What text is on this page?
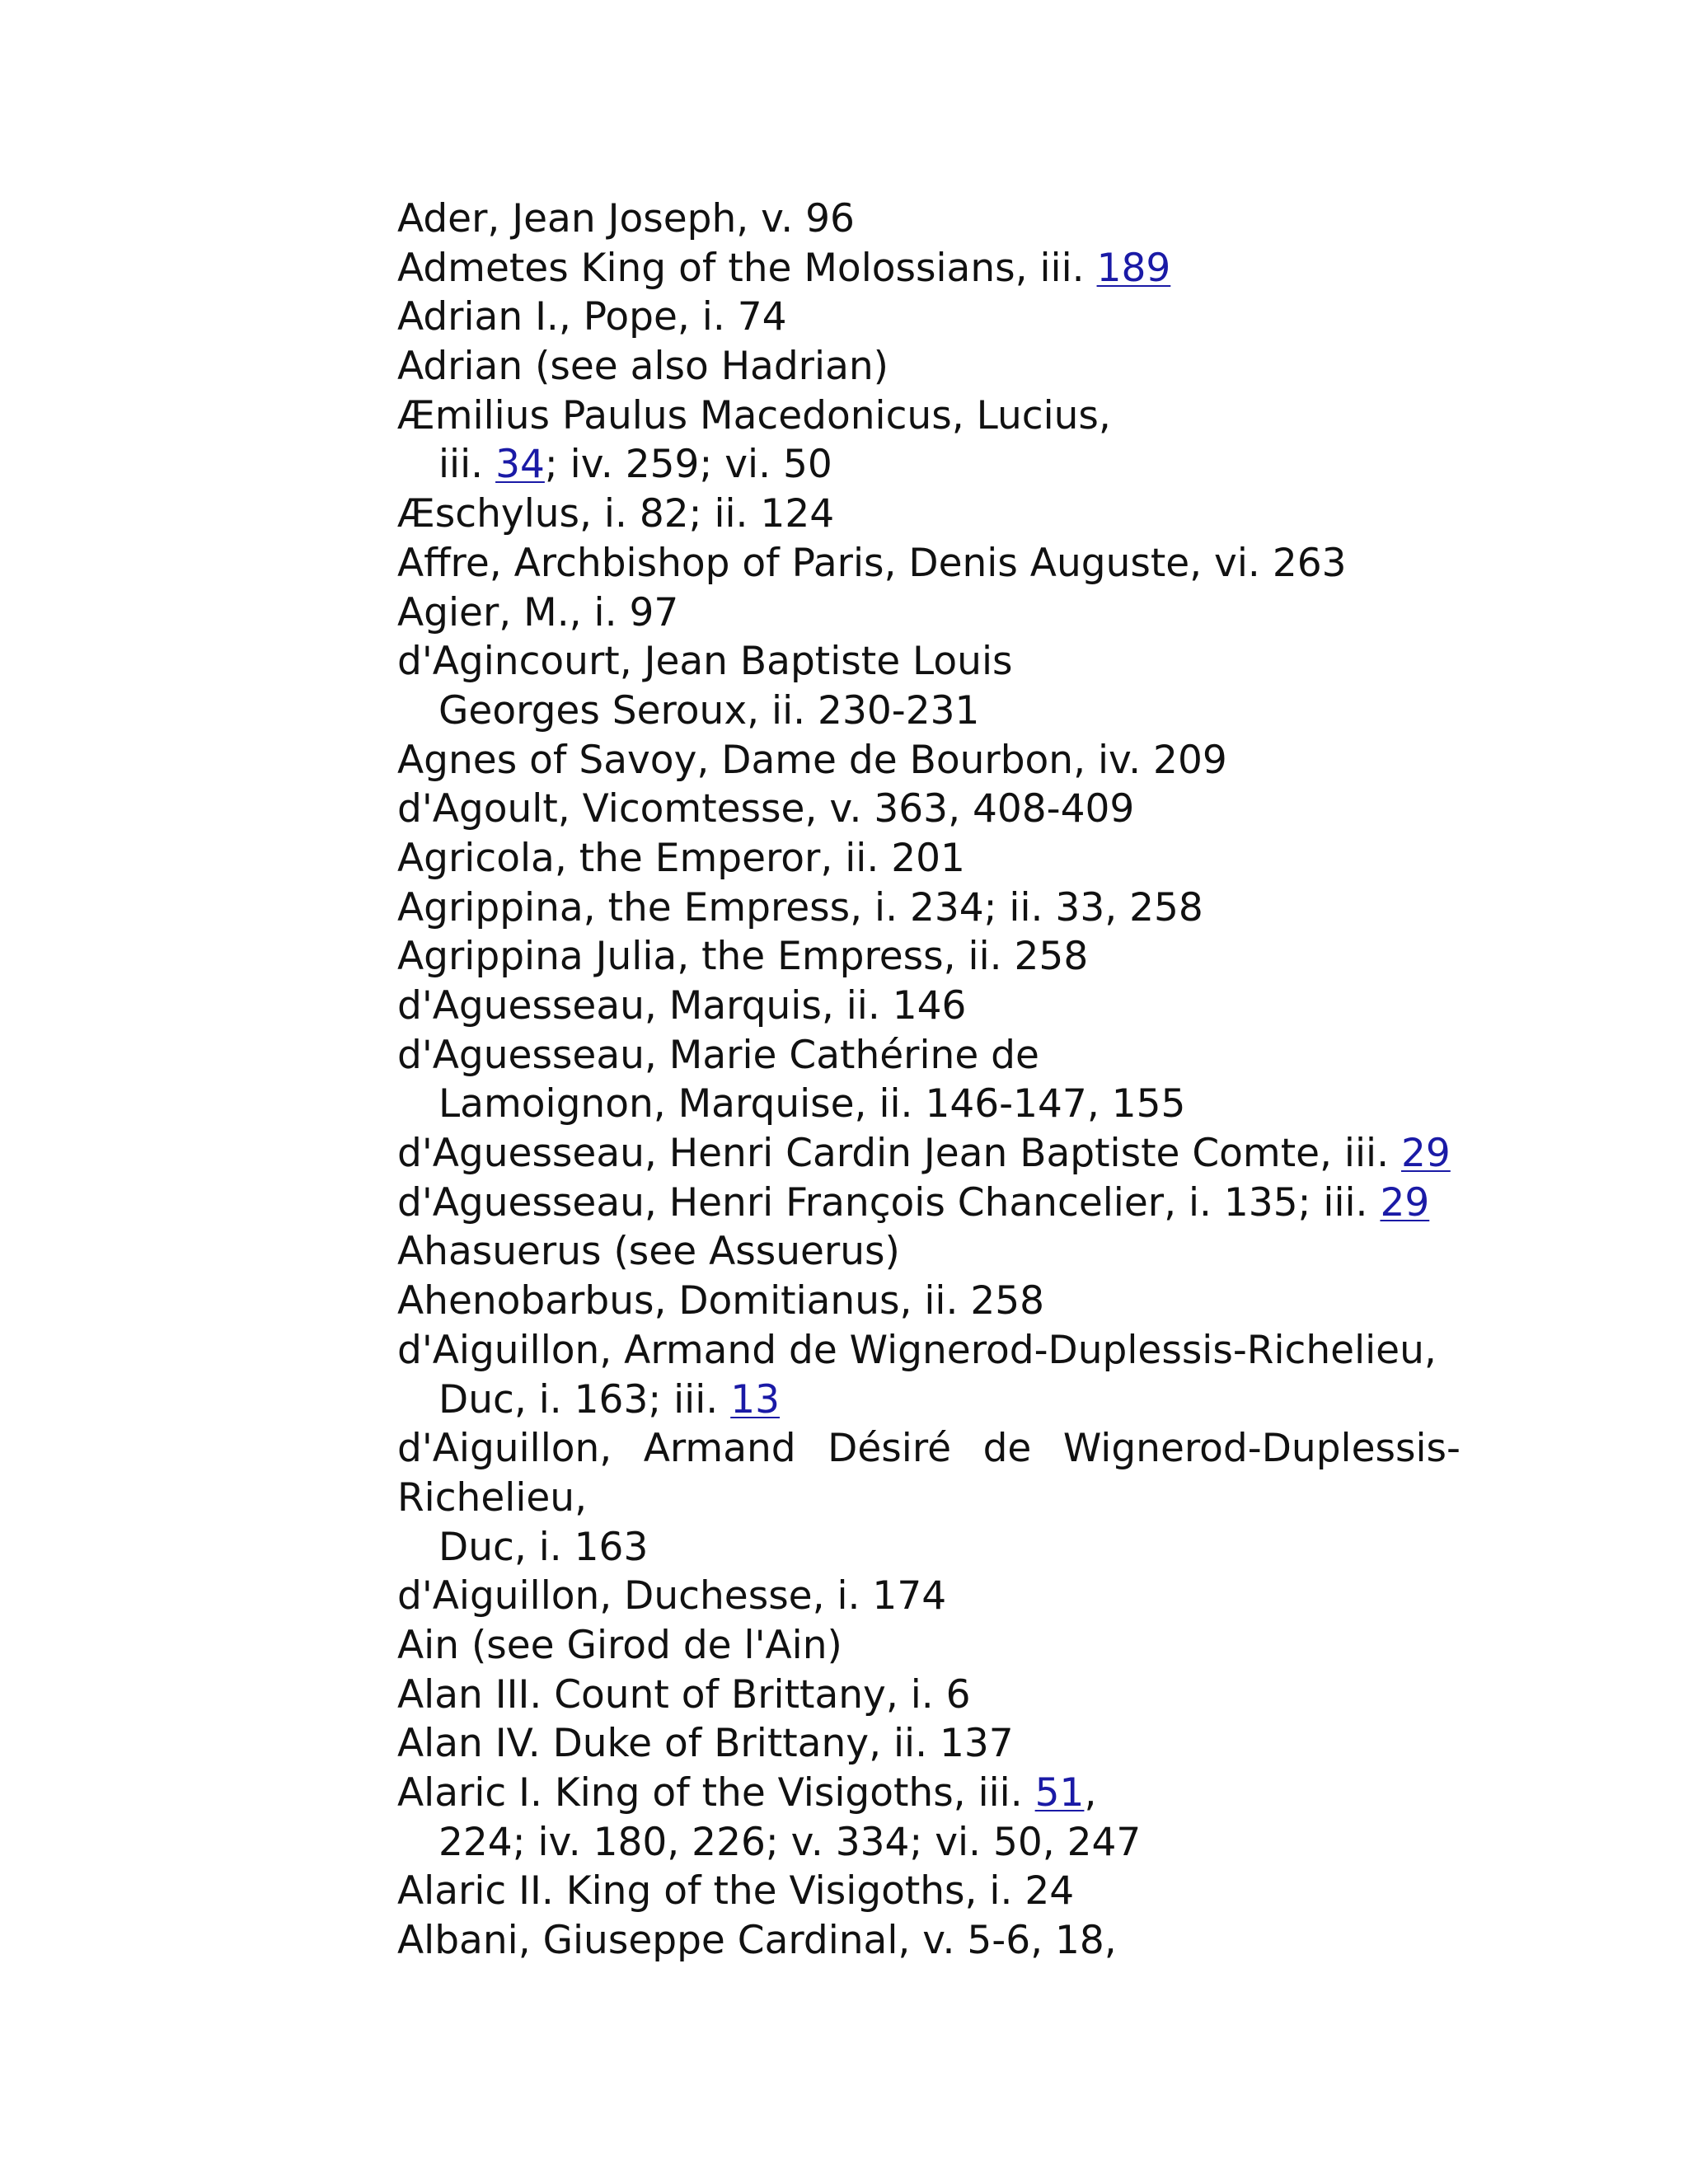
Ader, Jean Joseph, v. 96
Admetes King of the Molossians, iii. 189
Adrian I., Pope, i. 74
Adrian (see also Hadrian)
Æmilius Paulus Macedonicus, Lucius,
iii. 34; iv. 259; vi. 50
Æschylus, i. 82; ii. 124
Affre, Archbishop of Paris, Denis Auguste, vi. 263
Agier, M., i. 97
d'Agincourt, Jean Baptiste Louis
Georges Seroux, ii. 230-231
Agnes of Savoy, Dame de Bourbon, iv. 209
d'Agoult, Vicomtesse, v. 363, 408-409
Agricola, the Emperor, ii. 201
Agrippina, the Empress, i. 234; ii. 33, 258
Agrippina Julia, the Empress, ii. 258
d'Aguesseau, Marquis, ii. 146
d'Aguesseau, Marie Cathérine de
Lamoignon, Marquise, ii. 146-147, 155
d'Aguesseau, Henri Cardin Jean Baptiste Comte, iii. 29
d'Aguesseau, Henri François Chancelier, i. 135; iii. 29
Ahasuerus (see Assuerus)
Ahenobarbus, Domitianus, ii. 258
d'Aiguillon, Armand de Wignerod-Duplessis-Richelieu,
Duc, i. 163; iii. 13
d'Aiguillon, Armand Désiré de Wignerod-Duplessis-
Richelieu,
Duc, i. 163
d'Aiguillon, Duchesse, i. 174
Ain (see Girod de l'Ain)
Alan III. Count of Brittany, i. 6
Alan IV. Duke of Brittany, ii. 137
Alaric I. King of the Visigoths, iii. 51,
224; iv. 180, 226; v. 334; vi. 50, 247
Alaric II. King of the Visigoths, i. 24
Albani, Giuseppe Cardinal, v. 5-6, 18,
